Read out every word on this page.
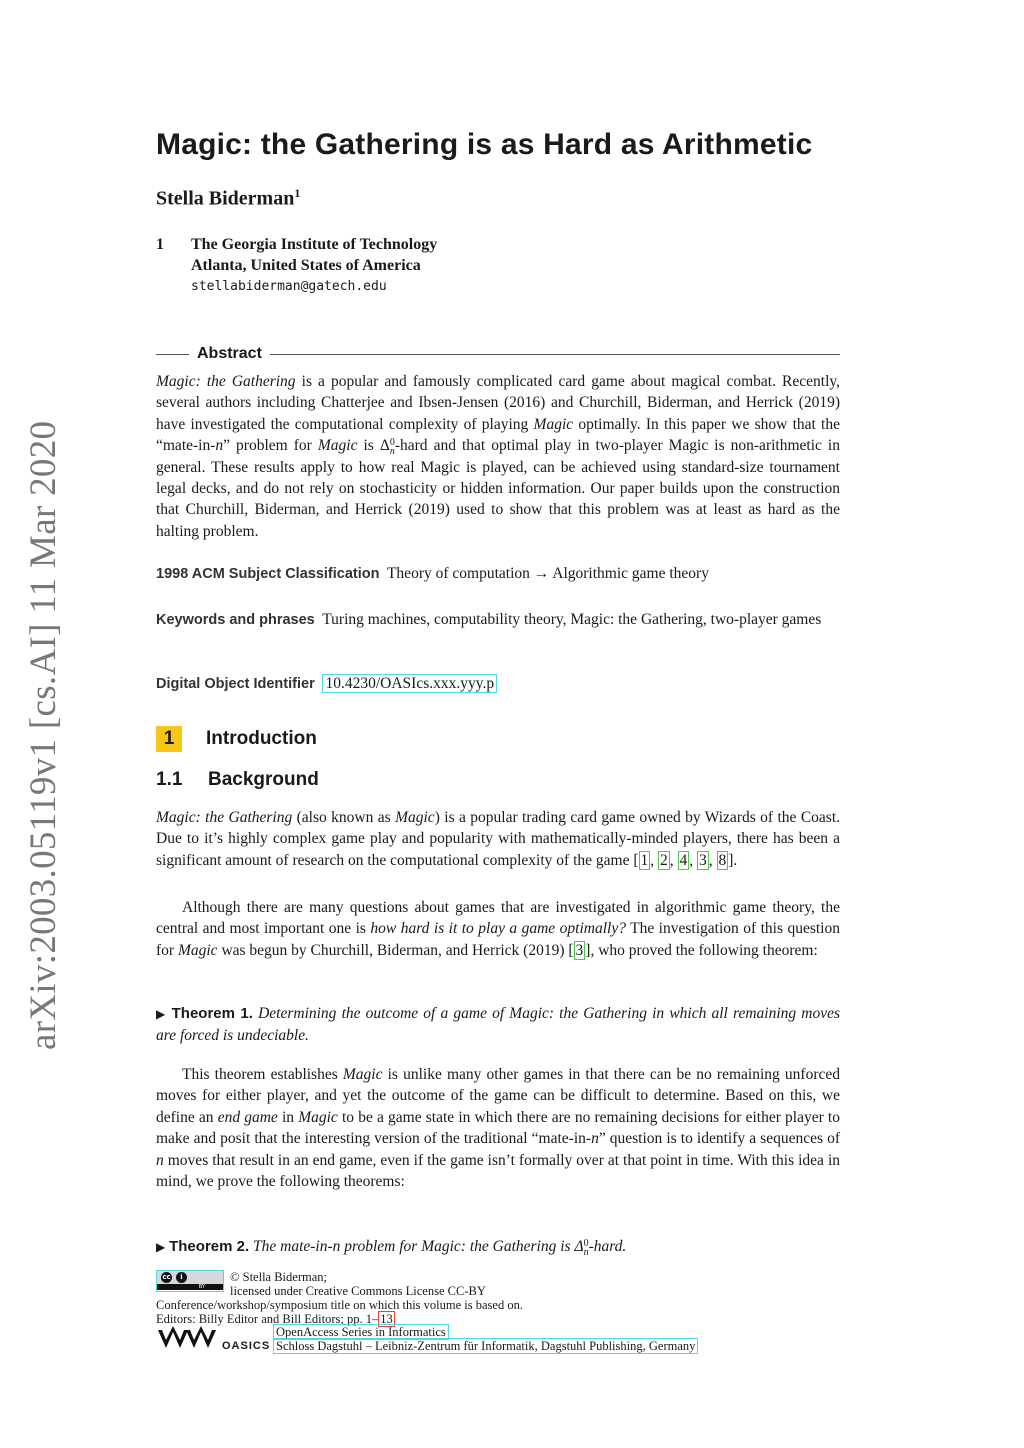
arXiv:2003.05119v1 [cs.AI] 11 Mar 2020
Magic: the Gathering is as Hard as Arithmetic
Stella Biderman$^1$
1	The Georgia Institute of Technology
Atlanta, United States of America
stellabiderman@gatech.edu
Abstract

Magic: the Gathering is a popular and famously complicated card game about magical combat. Recently, several authors including Chatterjee and Ibsen-Jensen (2016) and Churchill, Biderman, and Herrick (2019) have investigated the computational complexity of playing Magic optimally. In this paper we show that the “mate-in-n” problem for Magic is Δ 0
n -hard and that optimal play in two-player Magic is non-arithmetic in general. These results apply to how real Magic is played, can be achieved using standard-size tournament legal decks, and do not rely on stochasticity or hidden information. Our paper builds upon the construction that Churchill, Biderman, and Herrick (2019) used to show that this problem was at least as hard as the halting problem.

1998 ACM Subject Classification Theory of computation → Algorithmic game theory

Keywords and phrases Turing machines, computability theory, Magic: the Gathering, two-player games

Digital Object Identifier 10.4230/OASIcs.xxx.yyy.p
1	Introduction
1.1 Background

Magic: the Gathering (also known as Magic) is a popular trading card game owned by Wizards of the Coast. Due to it’s highly complex game play and popularity with mathematically-minded players, there has been a significant amount of research on the computational complexity of the game [ 1 , 2 , 4 , 3 , 8 ].

Although there are many questions about games that are investigated in algorithmic game theory, the central and most important one is how hard is it to play a game optimally? The investigation of this question for Magic was begun by Churchill, Biderman, and Herrick (2019) [ 3 ], who proved the following theorem:

▶ Theorem 1. Determining the outcome of a game of Magic: the Gathering in which all remaining moves are forced is undeciable.

This theorem establishes Magic is unlike many other games in that there can be no remaining unforced moves for either player, and yet the outcome of the game can be difficult to determine. Based on this, we define an end game in Magic to be a game state in which there are no remaining decisions for either player to make and posit that the interesting version of the traditional “mate-in-n” question is to identify a sequences of n moves that result in an end game, even if the game isn’t formally over at that point in time. With this idea in mind, we prove the following theorems:

▶ Theorem 2. The mate-in-n problem for Magic: the Gathering is Δ 0
n -hard.

cc	i
BY
© Stella Biderman;
licensed under Creative Commons License CC-BY
Conference/workshop/symposium title on which this volume is based on.
Editors: Billy Editor and Bill Editors; pp. 1– 13
OASICS
OpenAccess Series in Informatics
Schloss Dagstuhl – Leibniz-Zentrum für Informatik, Dagstuhl Publishing, Germany
